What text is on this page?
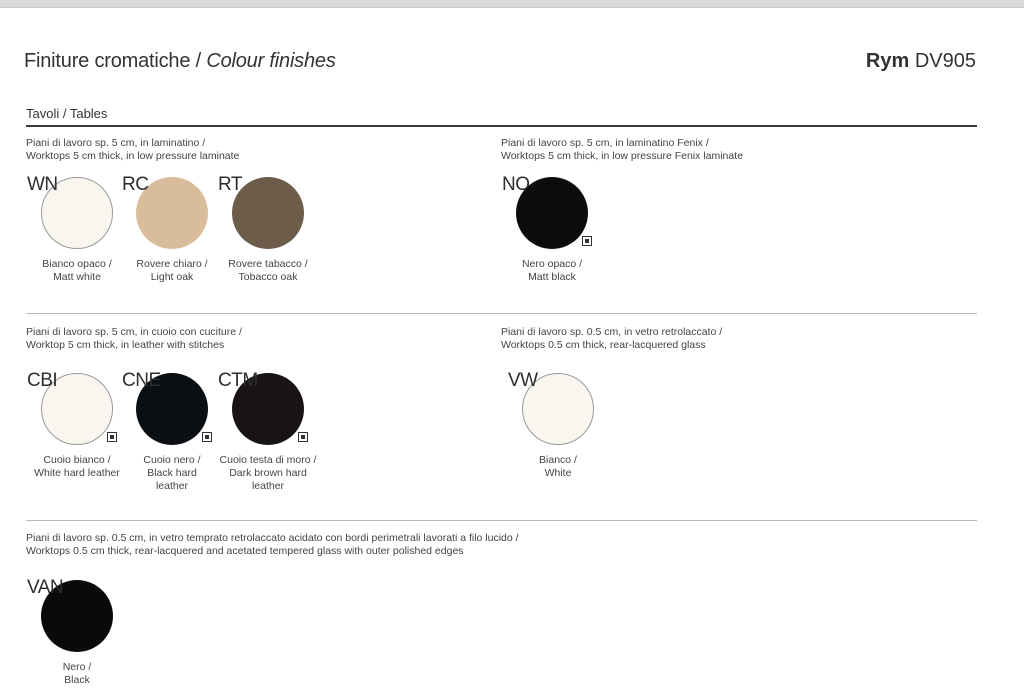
Finiture cromatiche / Colour finishes	Rym DV905
Tavoli / Tables
Piani di lavoro sp. 5 cm, in laminatino /
Worktops 5 cm thick, in low pressure laminate
WN
Bianco opaco /
Matt white
RC
Rovere chiaro /
Light oak
RT
Rovere tabacco /
Tobacco oak
Piani di lavoro sp. 5 cm, in laminatino Fenix /
Worktops 5 cm thick, in low pressure Fenix laminate
NO
Nero opaco /
Matt black
Piani di lavoro sp. 5 cm, in cuoio con cuciture /
Worktop 5 cm thick, in leather with stitches
CBI
Cuoio bianco /
White hard leather
CNE
Cuoio nero /
Black hard
leather
CTM
Cuoio testa di moro /
Dark brown hard
leather
Piani di lavoro sp. 0.5 cm, in vetro retrolaccato /
Worktops 0.5 cm thick, rear-lacquered glass
VW
Bianco /
White
Piani di lavoro sp. 0.5 cm, in vetro temprato retrolaccato acidato con bordi perimetrali lavorati a filo lucido /
Worktops 0.5 cm thick, rear-lacquered and acetated tempered glass with outer polished edges
VAN
Nero /
Black
